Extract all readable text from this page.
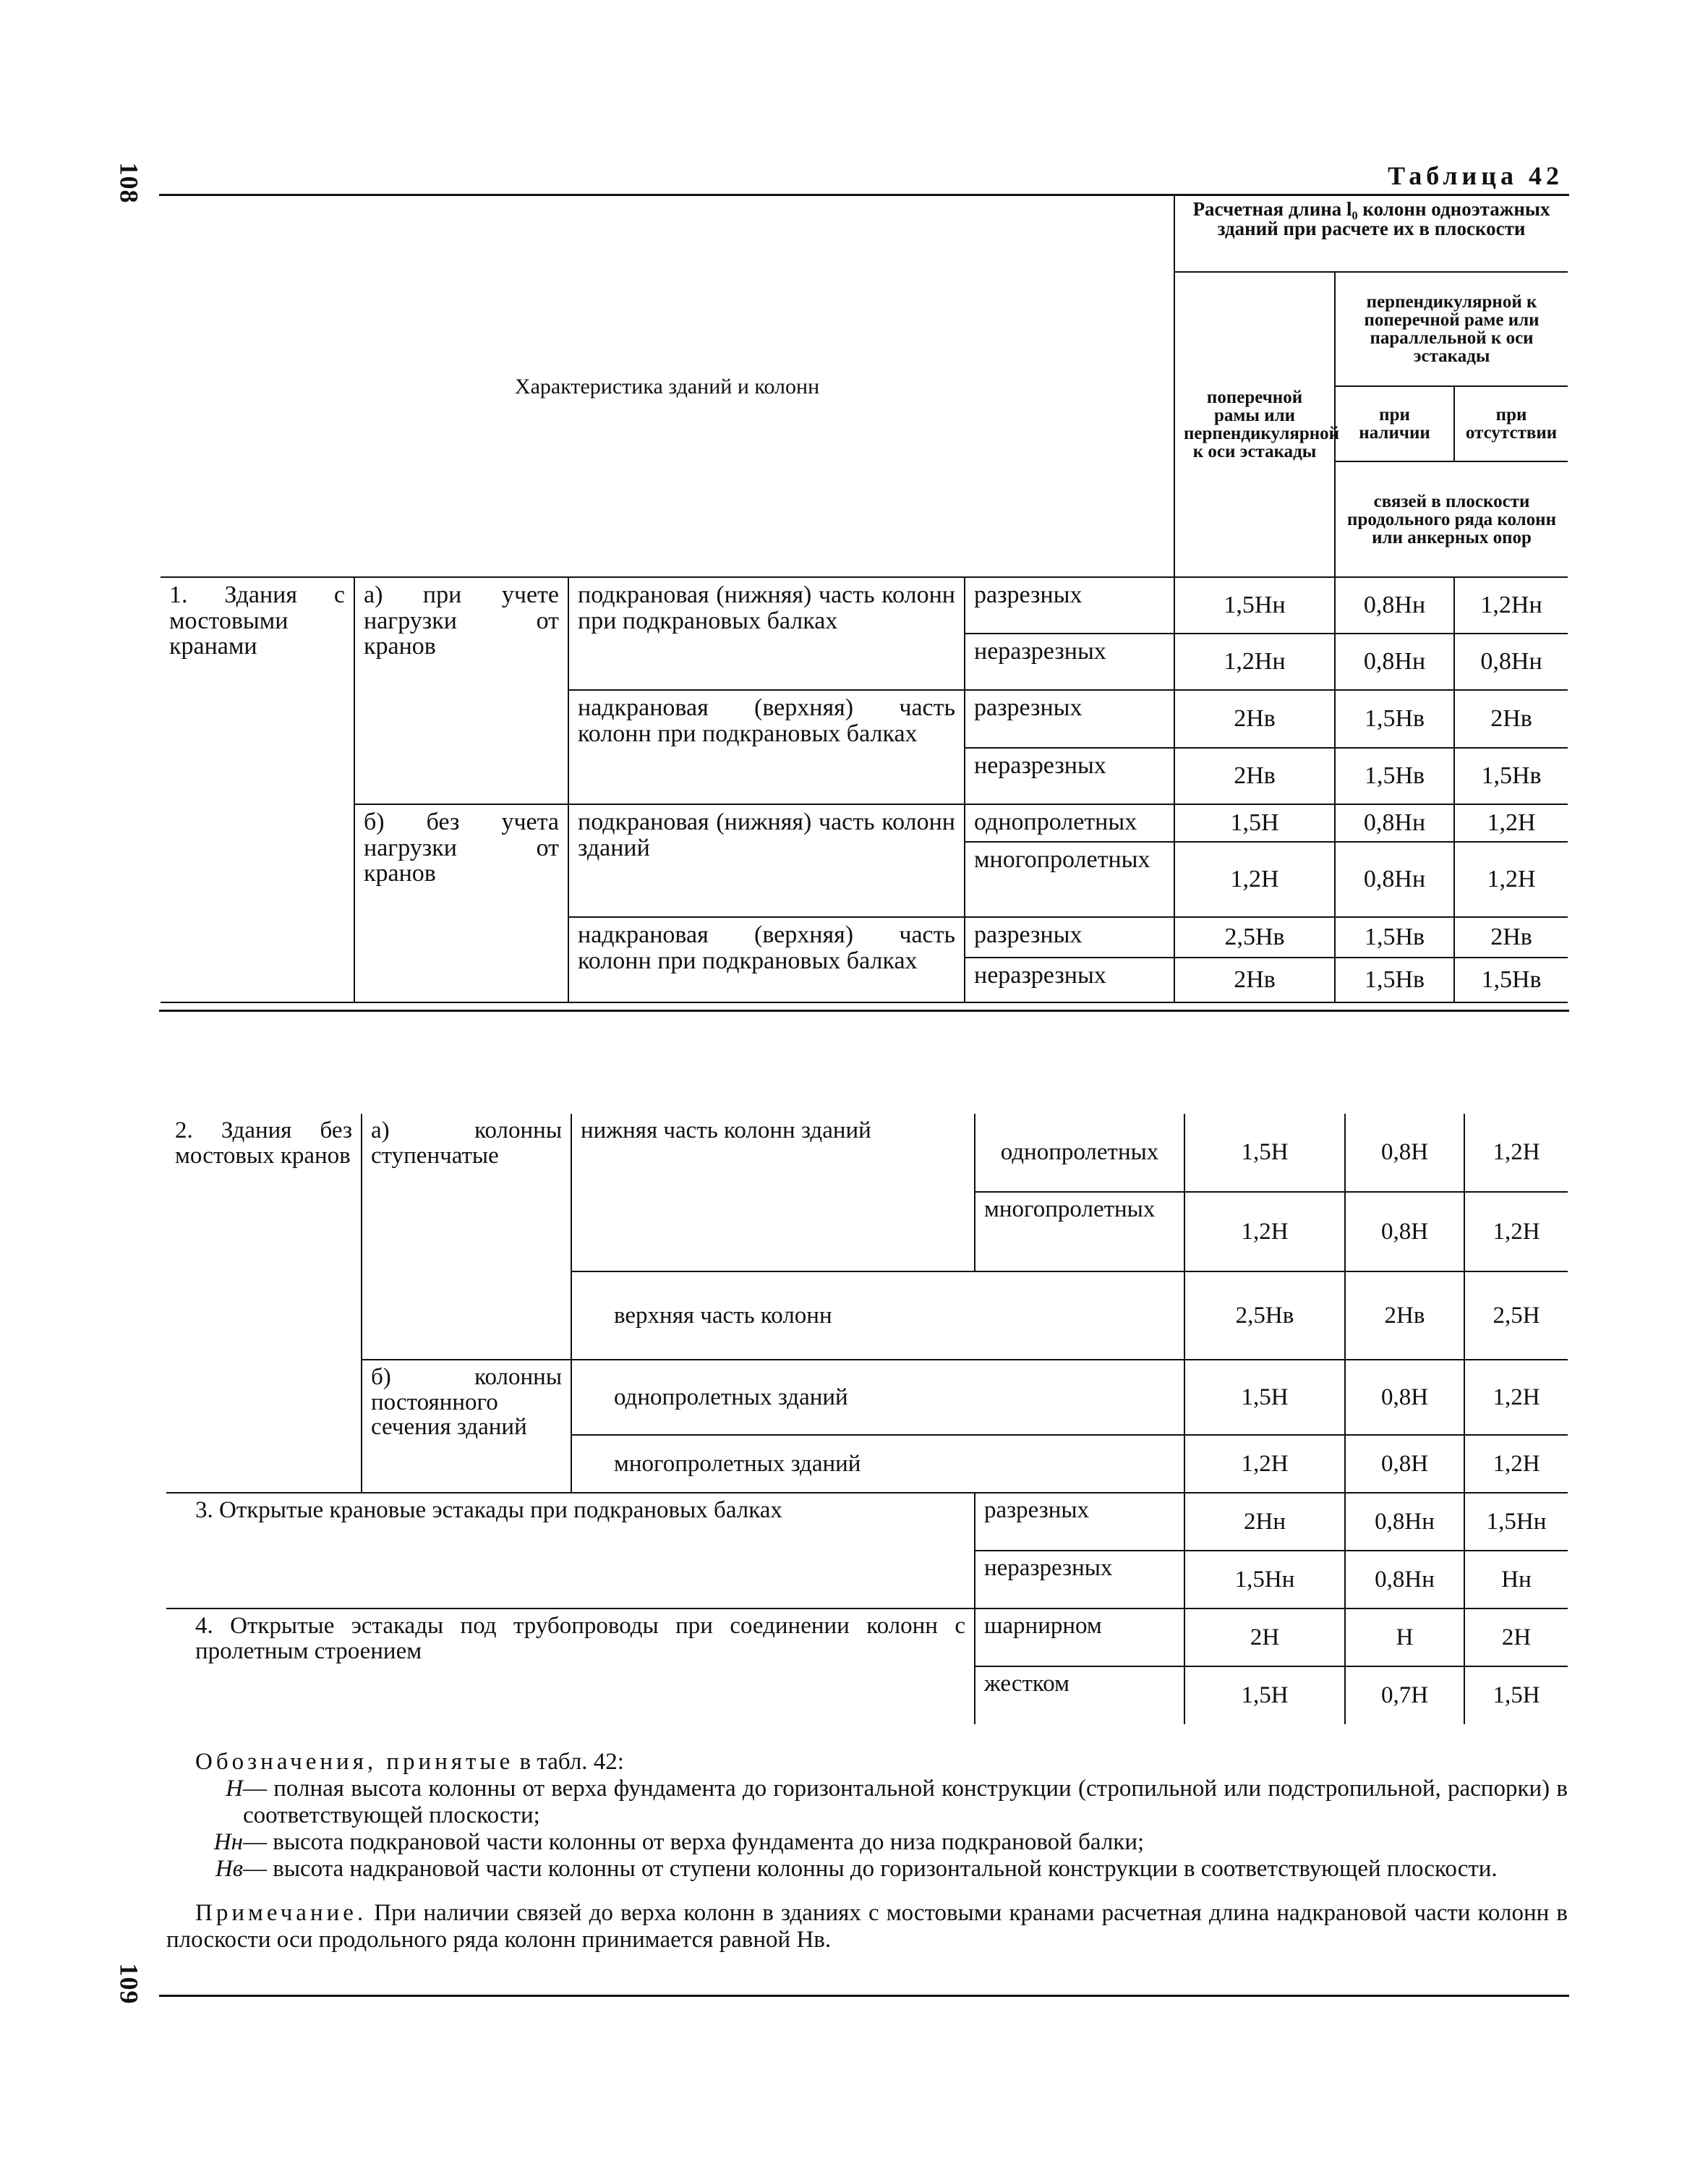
108
109
Таблица 42
Характеристика зданий и колонн				Расчетная длина l₀ колонн одноэтажных зданий при расчете их в плоскости		
				поперечной рамы или перпендикулярной к оси эстакады	перпендикулярной к поперечной раме или параллельной к оси эстакады	
					при наличии	при отсутствии
					связей в плоскости продольного ряда колонн или анкерных опор	
1. Здания с мостовыми кранами	а) при учете нагрузки от кранов	подкрановая (нижняя) часть колонн при подкрановых балках	разрезных	1,5Hн	0,8Hн	1,2Hн
			неразрезных	1,2Hн	0,8Hн	0,8Hн
		надкрановая (верхняя) часть колонн при подкрановых балках	разрезных	2Hв	1,5Hв	2Hв
			неразрезных	2Hв	1,5Hв	1,5Hв
	б) без учета нагрузки от кранов	подкрановая (нижняя) часть колонн зданий	однопролетных	1,5H	0,8Hн	1,2H
			многопролетных	1,2H	0,8Hн	1,2H
		надкрановая (верхняя) часть колонн при подкрановых балках	разрезных	2,5Hв	1,5Hв	2Hв
			неразрезных	2Hв	1,5Hв	1,5Hв
2. Здания без мостовых кранов	а) колонны ступенчатые	нижняя часть колонн зданий	однопролетных	1,5H	0,8H	1,2H
			многопролетных	1,2H	0,8H	1,2H
		верхняя часть колонн		2,5Hв	2Hв	2,5H
	б) колонны постоянного сечения зданий	однопролетных зданий		1,5H	0,8H	1,2H
		многопролетных зданий		1,2H	0,8H	1,2H
3. Открытые крановые эстакады при подкрановых балках			разрезных	2Hн	0,8Hн	1,5Hн
			неразрезных	1,5Hн	0,8Hн	Hн
4. Открытые эстакады под трубопроводы при соединении колонн с пролетным строением			шарнирном	2H	H	2H
			жестком	1,5H	0,7H	1,5H

Обозначения, принятые в табл. 42:

H — полная высота колонны от верха фундамента до горизонтальной конструкции (стропильной или подстропильной, распорки) в соответствующей плоскости;
Hн — высота подкрановой части колонны от верха фундамента до низа подкрановой балки;
Hв — высота надкрановой части колонны от ступени колонны до горизонтальной конструкции в соответствующей плоскости.

Примечание. При наличии связей до верха колонн в зданиях с мостовыми кранами расчетная длина надкрановой части колонн в плоскости оси продольного ряда колонн принимается равной Hв.
